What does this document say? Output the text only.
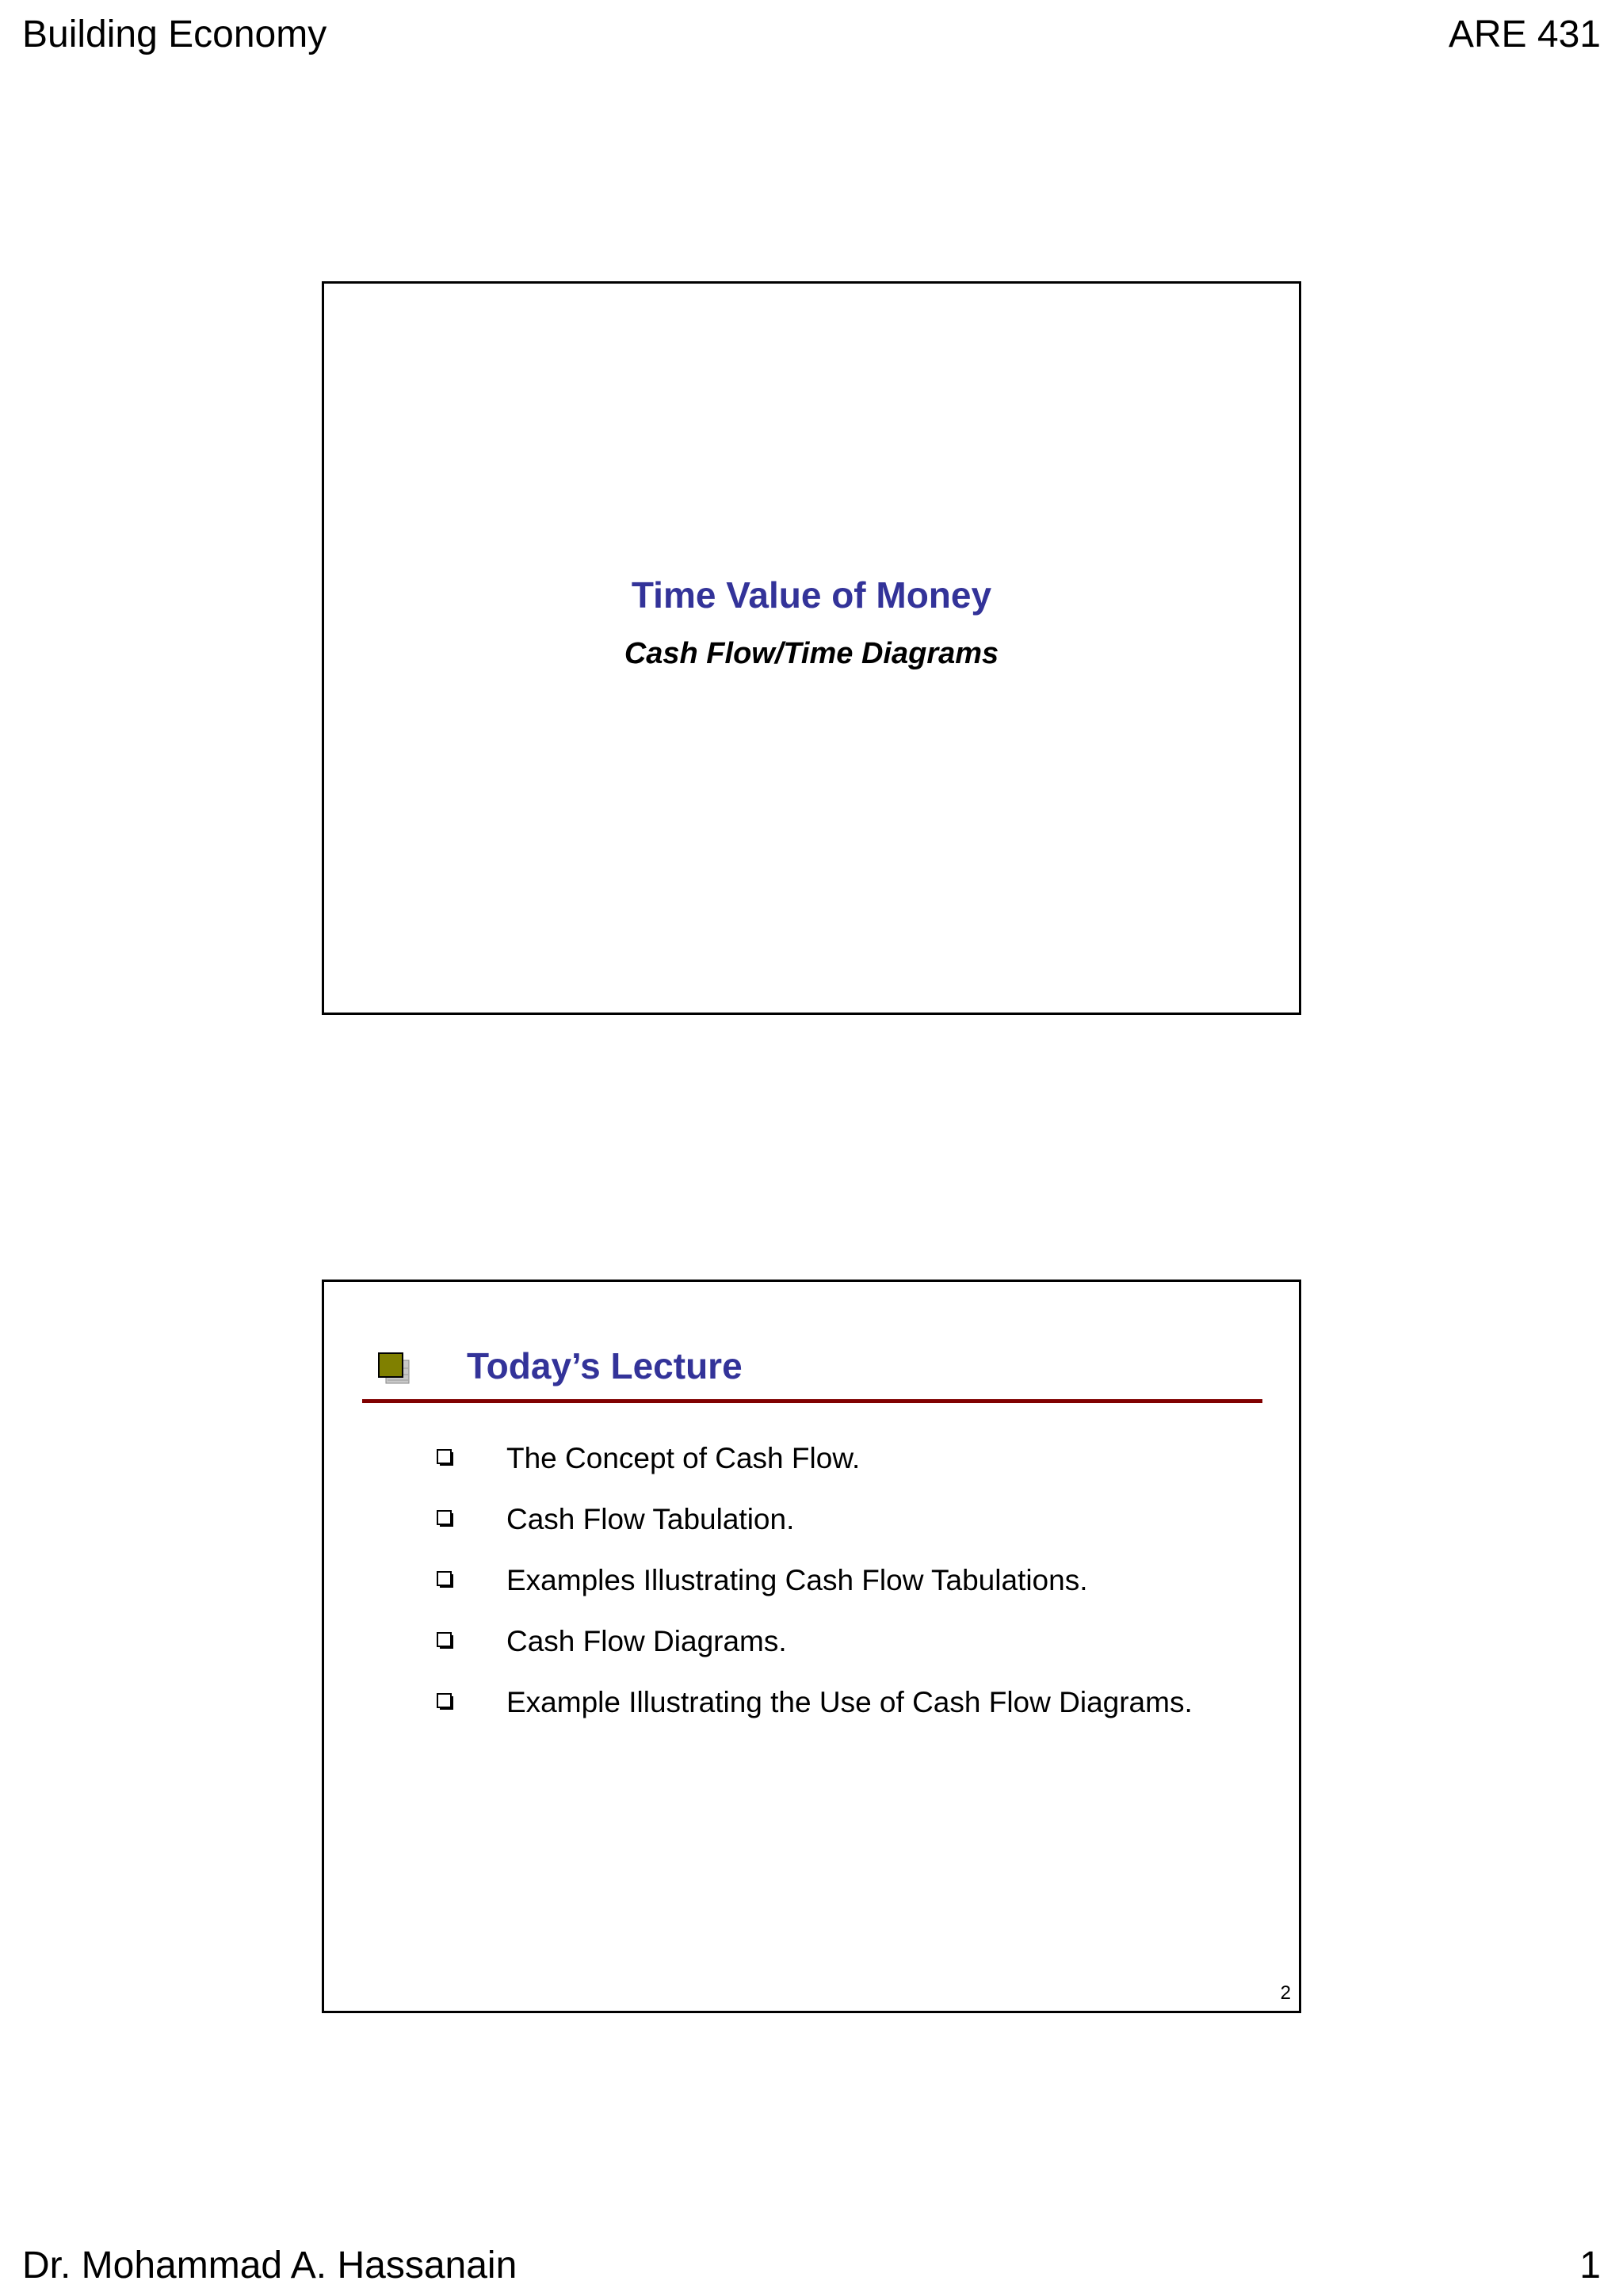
Building Economy	ARE 431
Time Value of Money
Cash Flow/Time Diagrams
Today’s Lecture
The Concept of Cash Flow.
Cash Flow Tabulation.
Examples Illustrating Cash Flow Tabulations.
Cash Flow Diagrams.
Example Illustrating the Use of Cash Flow Diagrams.
2
Dr. Mohammad A. Hassanain	1
